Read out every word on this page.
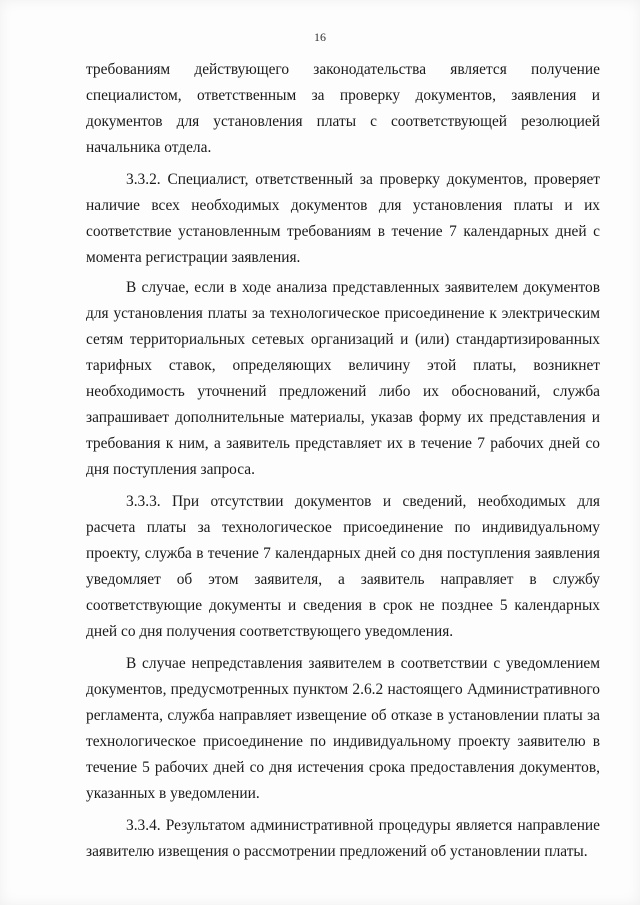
16

требованиям действующего законодательства является получение специалистом, ответственным за проверку документов, заявления и документов для установления платы с соответствующей резолюцией начальника отдела.

3.3.2. Специалист, ответственный за проверку документов, проверяет наличие всех необходимых документов для установления платы и их соответствие установленным требованиям в течение 7 календарных дней с момента регистрации заявления.

В случае, если в ходе анализа представленных заявителем документов для установления платы за технологическое присоединение к электрическим сетям территориальных сетевых организаций и (или) стандартизированных тарифных ставок, определяющих величину этой платы, возникнет необходимость уточнений предложений либо их обоснований, служба запрашивает дополнительные материалы, указав форму их представления и требования к ним, а заявитель представляет их в течение 7 рабочих дней со дня поступления запроса.

3.3.3. При отсутствии документов и сведений, необходимых для расчета платы за технологическое присоединение по индивидуальному проекту, служба в течение 7 календарных дней со дня поступления заявления уведомляет об этом заявителя, а заявитель направляет в службу соответствующие документы и сведения в срок не позднее 5 календарных дней со дня получения соответствующего уведомления.

В случае непредставления заявителем в соответствии с уведомлением документов, предусмотренных пунктом 2.6.2 настоящего Административного регламента, служба направляет извещение об отказе в установлении платы за технологическое присоединение по индивидуальному проекту заявителю в течение 5 рабочих дней со дня истечения срока предоставления документов, указанных в уведомлении.

3.3.4. Результатом административной процедуры является направление заявителю извещения о рассмотрении предложений об установлении платы.
